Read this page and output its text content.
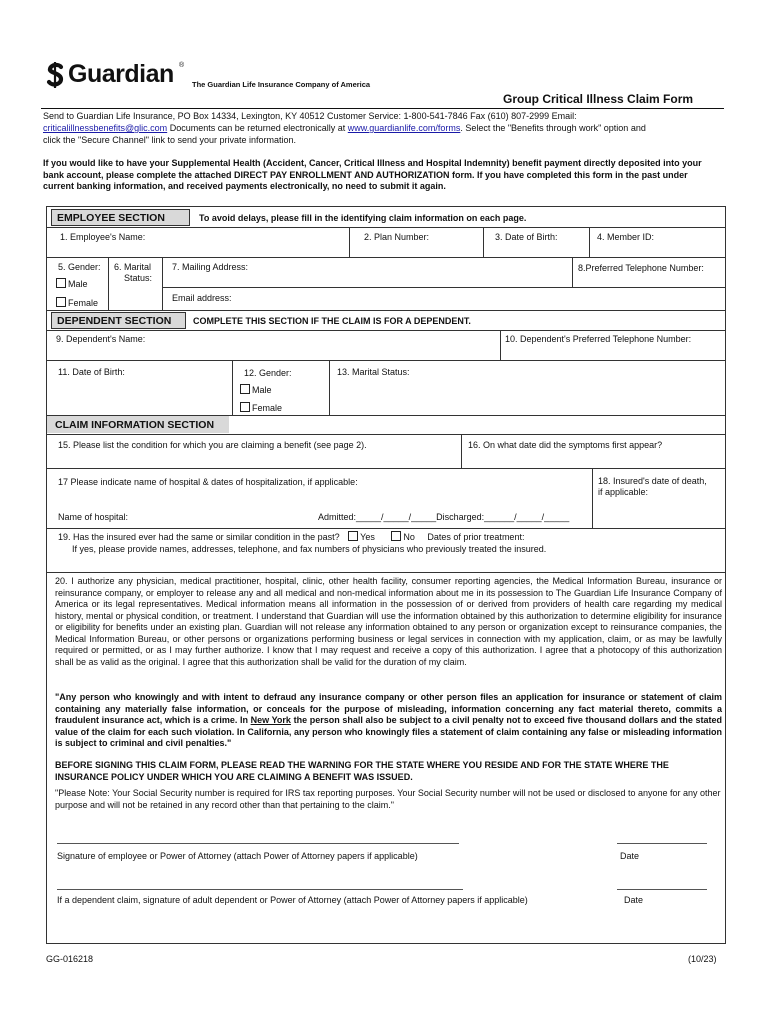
Guardian ®
The Guardian Life Insurance Company of America
Group Critical Illness Claim Form
Send to Guardian Life Insurance, PO Box 14334, Lexington, KY 40512 Customer Service: 1-800-541-7846 Fax (610) 807-2999 Email:
criticalillnessbenefits@glic.com Documents can be returned electronically at www.guardianlife.com/forms. Select the "Benefits through work" option and
click the "Secure Channel" link to send your private information.
If you would like to have your Supplemental Health (Accident, Cancer, Critical Illness and Hospital Indemnity) benefit payment directly deposited into your bank account, please complete the attached DIRECT PAY ENROLLMENT AND AUTHORIZATION form. If you have completed this form in the past under current banking information, and received payments electronically, no need to submit it again.
EMPLOYEE SECTION	To avoid delays, please fill in the identifying claim information on each page.
1. Employee's Name:	2. Plan Number:	3. Date of Birth:	4. Member ID:
5. Gender:
Male
Female
6. Marital
Status:
7. Mailing Address:	8.Preferred Telephone Number:
Email address:
DEPENDENT SECTION COMPLETE THIS SECTION IF THE CLAIM IS FOR A DEPENDENT.
9. Dependent's Name:	10. Dependent's Preferred Telephone Number:
11. Date of Birth:	12. Gender:
Male
Female
13. Marital Status:
CLAIM INFORMATION SECTION
15. Please list the condition for which you are claiming a benefit (see page 2).	16. On what date did the symptoms first appear?
17 Please indicate name of hospital & dates of hospitalization, if applicable:	18. Insured's date of death,
if applicable:
Name of hospital:	Admitted:_____/_____/_____Discharged:______/_____/_____
19. Has the insured ever had the same or similar condition in the past? Yes	No Dates of prior treatment:
If yes, please provide names, addresses, telephone, and fax numbers of physicians who previously treated the insured.
20. I authorize any physician, medical practitioner, hospital, clinic, other health facility, consumer reporting agencies, the Medical Information Bureau, insurance or reinsurance company, or employer to release any and all medical and non-medical information about me in its possession to The Guardian Life Insurance Company of America or its legal representatives. Medical information means all information in the possession of or derived from providers of health care regarding my medical history, mental or physical condition, or treatment. I understand that Guardian will use the information obtained by this authorization to determine eligibility for insurance or eligibility for benefits under an existing plan. Guardian will not release any information obtained to any person or organization except to reinsurance companies, the Medical Information Bureau, or other persons or organizations performing business or legal services in connection with my application, claim, or as may be lawfully required or permitted, or as I may further authorize. I know that I may request and receive a copy of this authorization. I agree that a photocopy of this authorization shall be as valid as the original. I agree that this authorization shall be valid for the duration of my claim.
"Any person who knowingly and with intent to defraud any insurance company or other person files an application for insurance or statement of claim containing any materially false information, or conceals for the purpose of misleading, information concerning any fact material thereto, commits a fraudulent insurance act, which is a crime. In New York the person shall also be subject to a civil penalty not to exceed five thousand dollars and the stated value of the claim for each such violation. In California, any person who knowingly files a statement of claim containing any false or misleading information is subject to criminal and civil penalties."
BEFORE SIGNING THIS CLAIM FORM, PLEASE READ THE WARNING FOR THE STATE WHERE YOU RESIDE AND FOR THE STATE WHERE THE INSURANCE POLICY UNDER WHICH YOU ARE CLAIMING A BENEFIT WAS ISSUED.
"Please Note: Your Social Security number is required for IRS tax reporting purposes. Your Social Security number will not be used or disclosed to anyone for any other purpose and will not be retained in any record other than that pertaining to the claim."
Signature of employee or Power of Attorney (attach Power of Attorney papers if applicable)	Date
If a dependent claim, signature of adult dependent or Power of Attorney (attach Power of Attorney papers if applicable)	Date
GG-016218	(10/23)
